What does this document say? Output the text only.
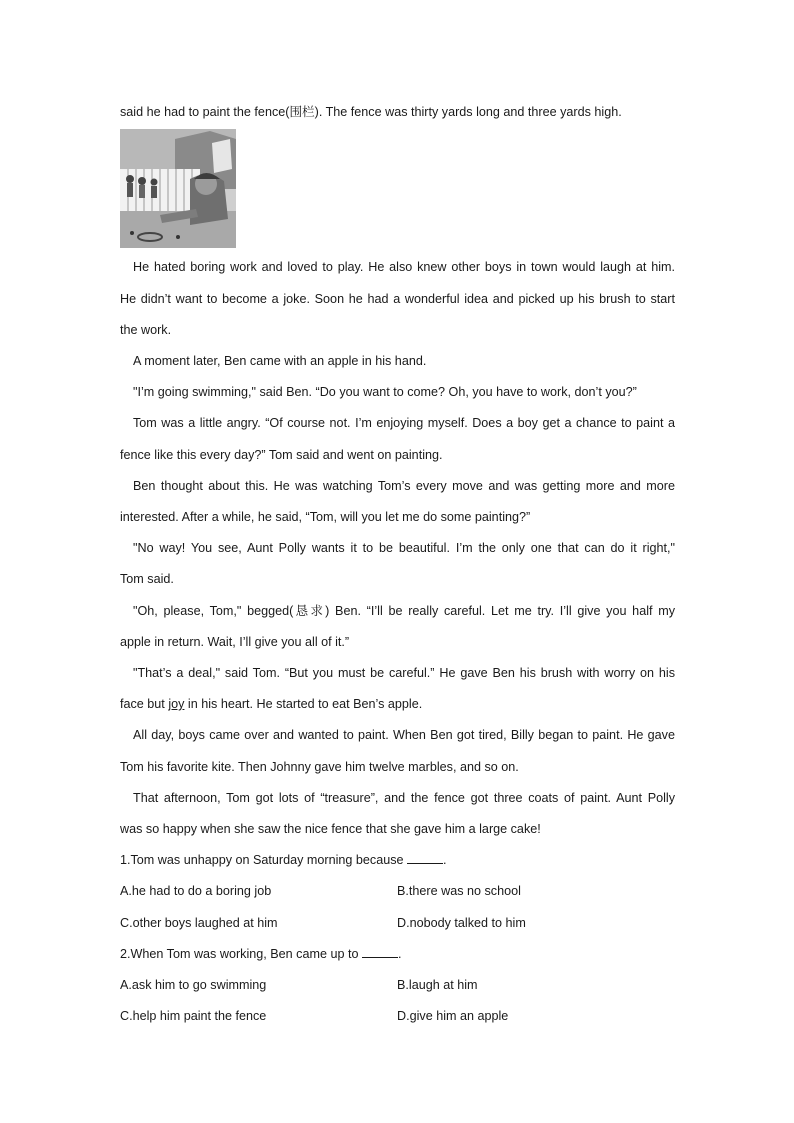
said he had to paint the fence(围栏). The fence was thirty yards long and three yards high.
He hated boring work and loved to play. He also knew other boys in town would laugh at him.
He didn’t want to become a joke. Soon he had a wonderful idea and picked up his brush to start
the work.
A moment later, Ben came with an apple in his hand.
"I’m going swimming," said Ben. “Do you want to come? Oh, you have to work, don’t you?”
Tom was a little angry. “Of course not. I’m enjoying myself. Does a boy get a chance to paint a
fence like this every day?” Tom said and went on painting.
Ben thought about this. He was watching Tom’s every move and was getting more and more
interested. After a while, he said, “Tom, will you let me do some painting?”
"No way! You see, Aunt Polly wants it to be beautiful. I’m the only one that can do it right,"
Tom said.
"Oh, please, Tom," begged(恳求) Ben. “I’ll be really careful. Let me try. I’ll give you half my
apple in return. Wait, I’ll give you all of it.”
"That’s a deal," said Tom. “But you must be careful.” He gave Ben his brush with worry on his
face but joy in his heart. He started to eat Ben’s apple.
All day, boys came over and wanted to paint. When Ben got tired, Billy began to paint. He gave
Tom his favorite kite. Then Johnny gave him twelve marbles, and so on.
That afternoon, Tom got lots of “treasure”, and the fence got three coats of paint. Aunt Polly
was so happy when she saw the nice fence that she gave him a large cake!
1.Tom was unhappy on Saturday morning because	.
A.he had to do a boring job	B.there was no school
C.other boys laughed at him	D.nobody talked to him
2.When Tom was working, Ben came up to	.
A.ask him to go swimming	B.laugh at him
C.help him paint the fence	D.give him an apple
